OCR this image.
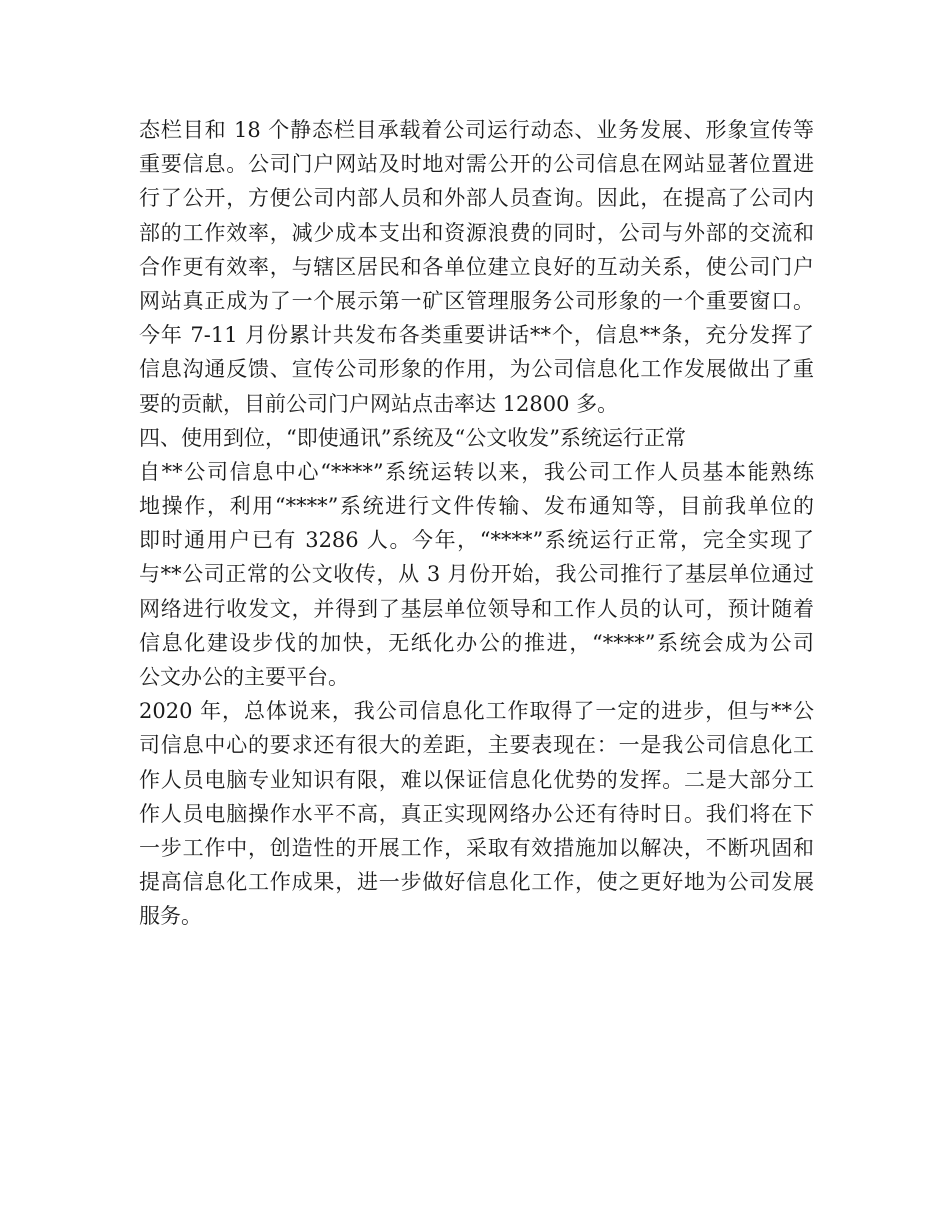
态栏目和 18 个静态栏目承载着公司运行动态、业务发展、形象宣传等
重要信息。公司门户网站及时地对需公开的公司信息在网站显著位置进
行了公开，方便公司内部人员和外部人员查询。因此，在提高了公司内
部的工作效率，减少成本支出和资源浪费的同时，公司与外部的交流和
合作更有效率，与辖区居民和各单位建立良好的互动关系，使公司门户
网站真正成为了一个展示第一矿区管理服务公司形象的一个重要窗口。
今年 7-11 月份累计共发布各类重要讲话**个，信息**条，充分发挥了
信息沟通反馈、宣传公司形象的作用，为公司信息化工作发展做出了重
要的贡献，目前公司门户网站点击率达 12800 多。
四、使用到位，“即使通讯”系统及“公文收发”系统运行正常
自**公司信息中心“****”系统运转以来，我公司工作人员基本能熟练
地操作，利用“****”系统进行文件传输、发布通知等，目前我单位的
即时通用户已有 3286 人。今年，“****”系统运行正常，完全实现了
与**公司正常的公文收传，从 3 月份开始，我公司推行了基层单位通过
网络进行收发文，并得到了基层单位领导和工作人员的认可，预计随着
信息化建设步伐的加快，无纸化办公的推进，“****”系统会成为公司
公文办公的主要平台。
2020 年，总体说来，我公司信息化工作取得了一定的进步，但与**公
司信息中心的要求还有很大的差距，主要表现在：一是我公司信息化工
作人员电脑专业知识有限，难以保证信息化优势的发挥。二是大部分工
作人员电脑操作水平不高，真正实现网络办公还有待时日。我们将在下
一步工作中，创造性的开展工作，采取有效措施加以解决，不断巩固和
提高信息化工作成果，进一步做好信息化工作，使之更好地为公司发展
服务。
